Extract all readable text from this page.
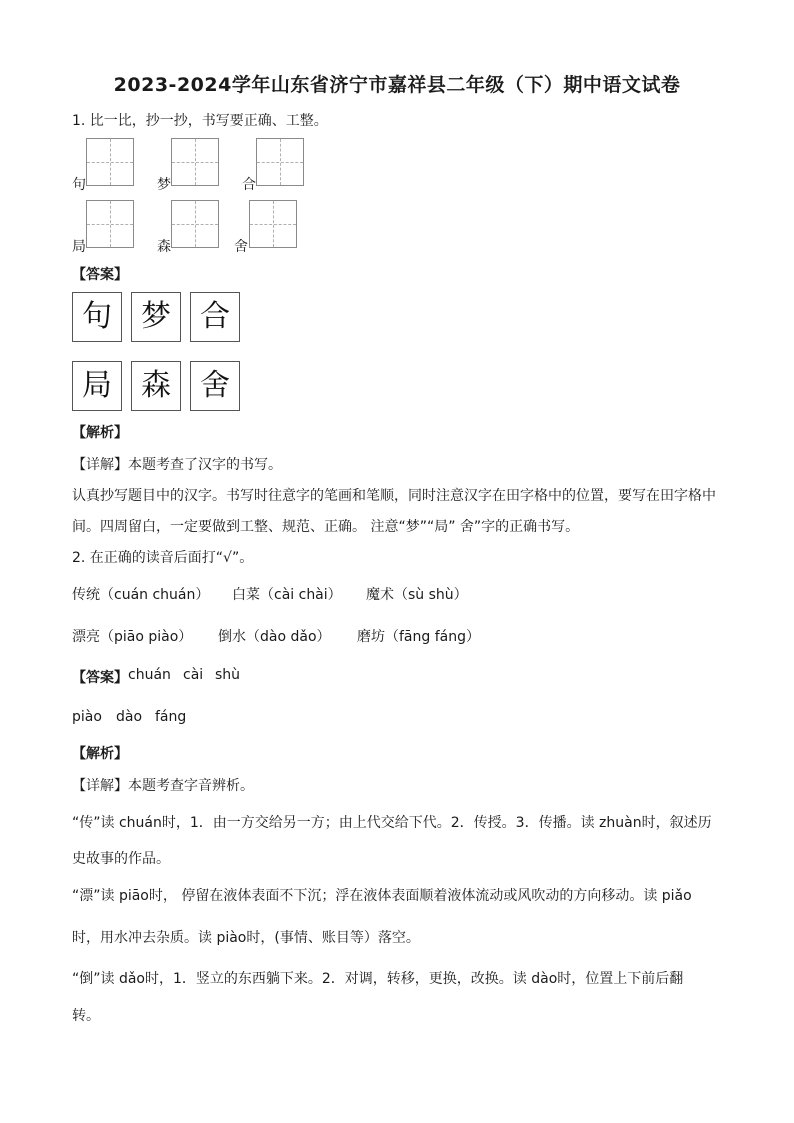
2023-2024学年山东省济宁市嘉祥县二年级（下）期中语文试卷
1. 比一比，抄一抄，书写要正确、工整。
句	梦	合
局	森	舍
【答案】
句 梦 合
局 森 舍
【解析】
【详解】本题考查了汉字的书写。
认真抄写题目中的汉字。书写时往意字的笔画和笔顺，同时注意汉字在田字格中的位置，要写在田字格中
间。四周留白，一定要做到工整、规范、正确。 注意“梦”“局” 舍”字的正确书写。
2. 在正确的读音后面打“√”。
传统（cuán chuán） 白菜（cài chài） 魔术（sù shù）
漂亮（piāo piào） 倒水（dào dǎo） 磨坊（fāng fáng）
【答案】 chuán cài shù
piào dào fáng
【解析】
【详解】本题考查字音辨析。
“传”读 chuán时，1．由一方交给另一方；由上代交给下代。2．传授。3．传播。读 zhuàn时，叙述历
史故事的作品。
“漂”读 piāo时， 停留在液体表面不下沉；浮在液体表面顺着液体流动或风吹动的方向移动。读 piǎo
时，用水冲去杂质。读 piào时，(事情、账目等）落空。
“倒”读 dǎo时，1．竖立的东西躺下来。2．对调，转移，更换，改换。读 dào时，位置上下前后翻
转。
